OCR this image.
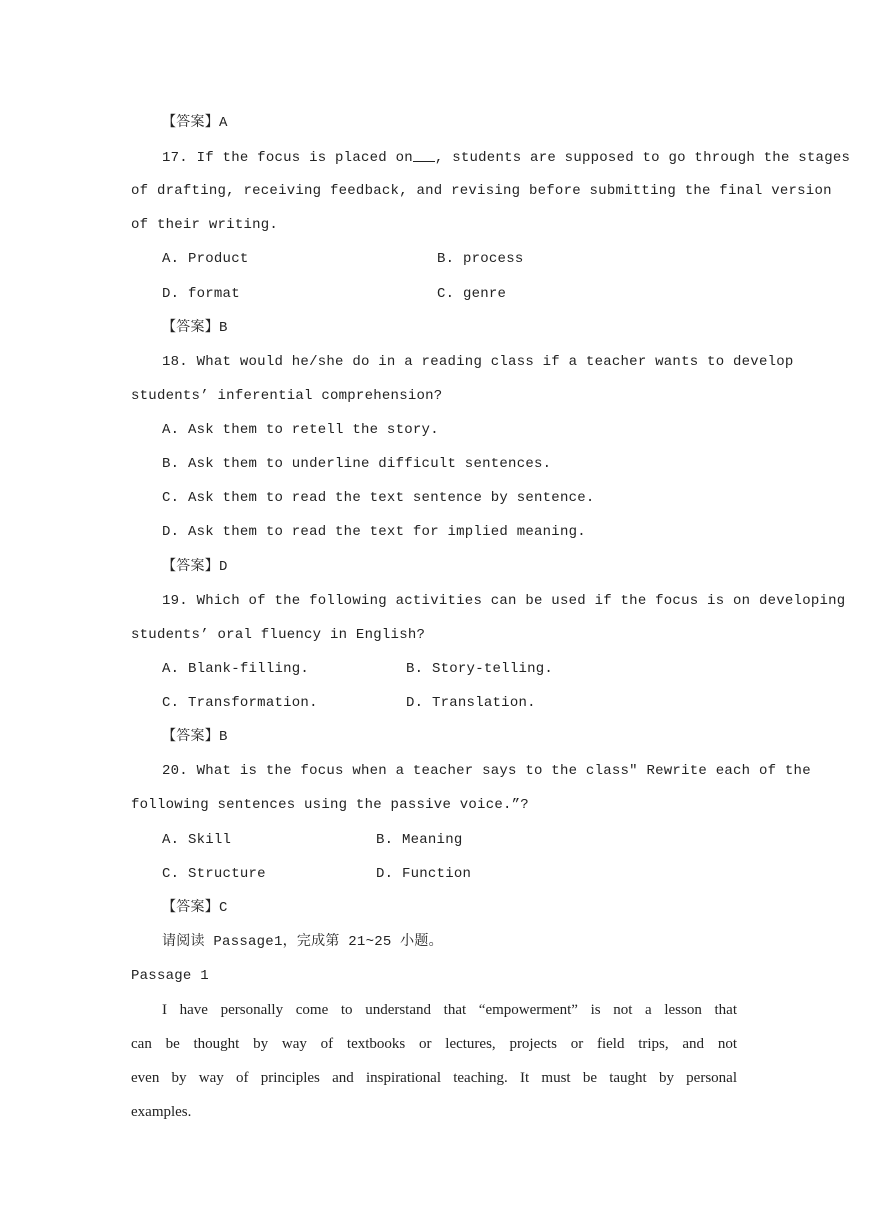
【答案】A
17. If the focus is placed on , students are supposed to go through the stages
of drafting, receiving feedback, and revising before submitting the final version
of their writing.
A. Product	B. process
D. format	C. genre
【答案】B
18. What would he/she do in a reading class if a teacher wants to develop
students’ inferential comprehension?
A. Ask them to retell the story.
B. Ask them to underline difficult sentences.
C. Ask them to read the text sentence by sentence.
D. Ask them to read the text for implied meaning.
【答案】D
19. Which of the following activities can be used if the focus is on developing
students’ oral fluency in English?
A. Blank-filling.	B. Story-telling.
C. Transformation.	D. Translation.
【答案】B
20. What is the focus when a teacher says to the class″ Rewrite each of the
following sentences using the passive voice.”?
A. Skill	B. Meaning
C. Structure	D. Function
【答案】C
请阅读 Passage1，完成第 21~25 小题。
Passage 1
I have personally come to understand that “empowerment” is not a lesson that
can be thought by way of textbooks or lectures, projects or field trips, and not
even by way of principles and inspirational teaching. It must be taught by personal
examples.
